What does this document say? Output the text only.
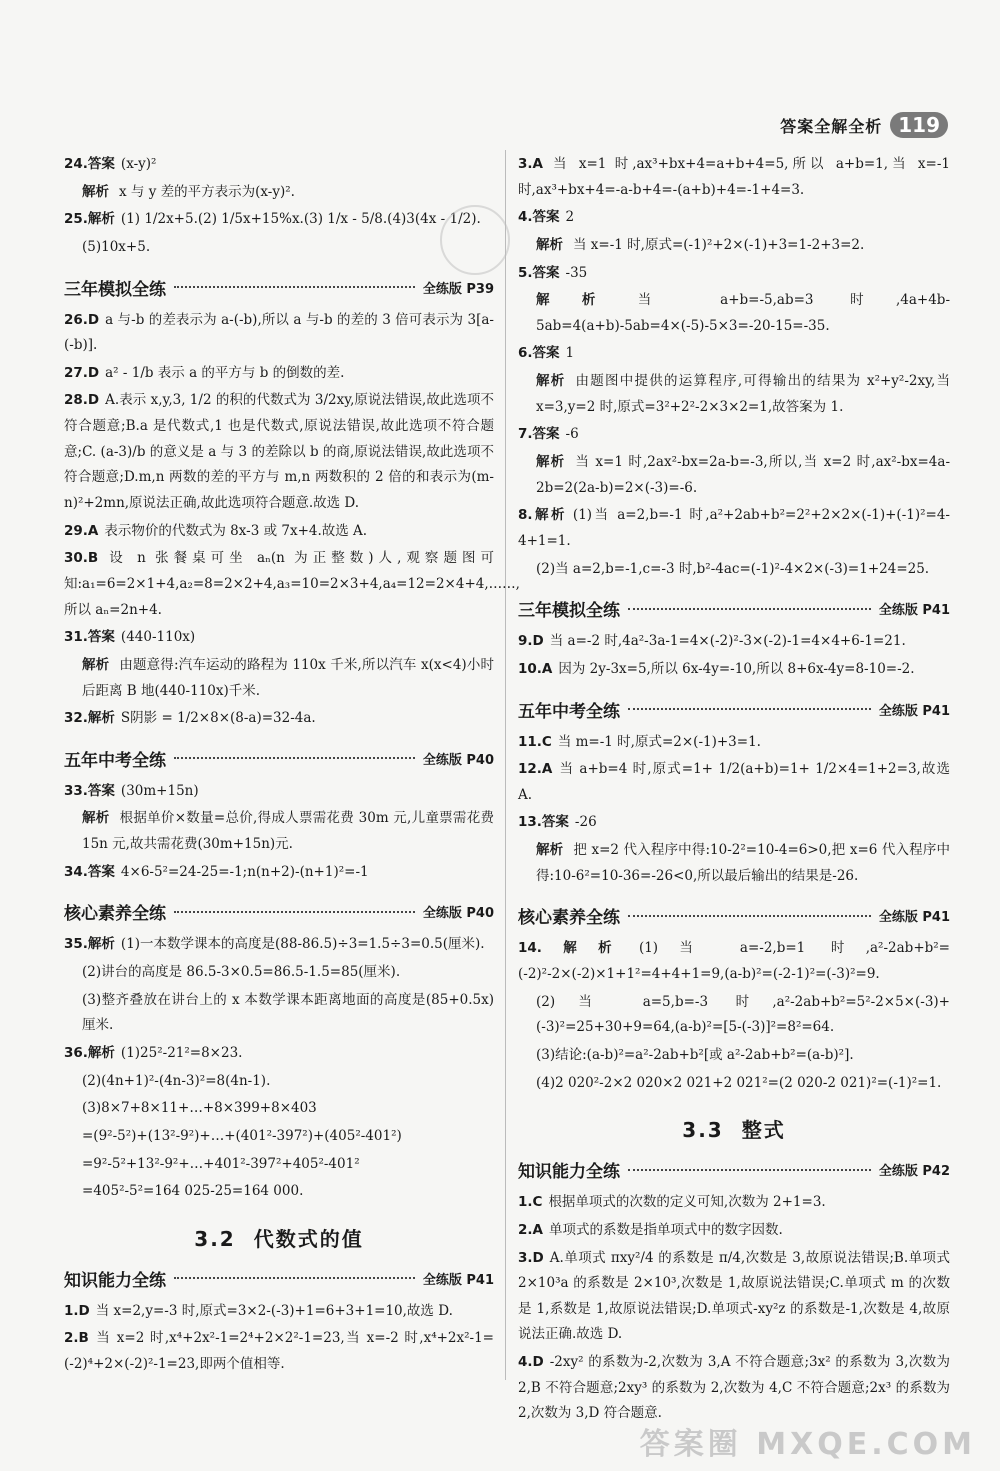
答案全解全析 119
24.答案 (x-y)²
解析 x 与 y 差的平方表示为(x-y)².
25.解析 (1) 1/2x+5.(2) 1/5x+15%x.(3) 1/x - 5/8.(4)3(4x - 1/2).
(5)10x+5.
三年模拟全练	全练版 P39
26.D a 与-b 的差表示为 a-(-b),所以 a 与-b 的差的 3 倍可表示为 3[a-(-b)].
27.D a² - 1/b 表示 a 的平方与 b 的倒数的差.
28.D A.表示 x,y,3, 1/2 的积的代数式为 3/2xy,原说法错误,故此选项不符合题意;B.a 是代数式,1 也是代数式,原说法错误,故此选项不符合题意;C. (a-3)/b 的意义是 a 与 3 的差除以 b 的商,原说法错误,故此选项不符合题意;D.m,n 两数的差的平方与 m,n 两数积的 2 倍的和表示为(m-n)²+2mn,原说法正确,故此选项符合题意.故选 D.
29.A 表示物价的代数式为 8x-3 或 7x+4.故选 A.
30.B 设 n 张餐桌可坐 aₙ(n 为正整数)人,观察题图可知:a₁=6=2×1+4,a₂=8=2×2+4,a₃=10=2×3+4,a₄=12=2×4+4,……,所以 aₙ=2n+4.
31.答案 (440-110x)
解析 由题意得:汽车运动的路程为 110x 千米,所以汽车 x(x<4)小时后距离 B 地(440-110x)千米.
32.解析 S阴影 = 1/2×8×(8-a)=32-4a.
五年中考全练	全练版 P40
33.答案 (30m+15n)
解析 根据单价×数量=总价,得成人票需花费 30m 元,儿童票需花费 15n 元,故共需花费(30m+15n)元.
34.答案 4×6-5²=24-25=-1;n(n+2)-(n+1)²=-1
核心素养全练	全练版 P40
35.解析 (1)一本数学课本的高度是(88-86.5)÷3=1.5÷3=0.5(厘米).
(2)讲台的高度是 86.5-3×0.5=86.5-1.5=85(厘米).
(3)整齐叠放在讲台上的 x 本数学课本距离地面的高度是(85+0.5x)厘米.
36.解析 (1)25²-21²=8×23.
(2)(4n+1)²-(4n-3)²=8(4n-1).
(3)8×7+8×11+…+8×399+8×403
=(9²-5²)+(13²-9²)+…+(401²-397²)+(405²-401²)
=9²-5²+13²-9²+…+401²-397²+405²-401²
=405²-5²=164 025-25=164 000.
3.2 代数式的值
知识能力全练	全练版 P41
1.D 当 x=2,y=-3 时,原式=3×2-(-3)+1=6+3+1=10,故选 D.
2.B 当 x=2 时,x⁴+2x²-1=2⁴+2×2²-1=23,当 x=-2 时,x⁴+2x²-1=(-2)⁴+2×(-2)²-1=23,即两个值相等.
3.A 当 x=1 时,ax³+bx+4=a+b+4=5,所以 a+b=1,当 x=-1 时,ax³+bx+4=-a-b+4=-(a+b)+4=-1+4=3.
4.答案 2
解析 当 x=-1 时,原式=(-1)²+2×(-1)+3=1-2+3=2.
5.答案 -35
解析 当 a+b=-5,ab=3 时,4a+4b-5ab=4(a+b)-5ab=4×(-5)-5×3=-20-15=-35.
6.答案 1
解析 由题图中提供的运算程序,可得输出的结果为 x²+y²-2xy,当 x=3,y=2 时,原式=3²+2²-2×3×2=1,故答案为 1.
7.答案 -6
解析 当 x=1 时,2ax²-bx=2a-b=-3,所以,当 x=2 时,ax²-bx=4a-2b=2(2a-b)=2×(-3)=-6.
8.解析 (1)当 a=2,b=-1 时,a²+2ab+b²=2²+2×2×(-1)+(-1)²=4-4+1=1.
(2)当 a=2,b=-1,c=-3 时,b²-4ac=(-1)²-4×2×(-3)=1+24=25.
三年模拟全练	全练版 P41
9.D 当 a=-2 时,4a²-3a-1=4×(-2)²-3×(-2)-1=4×4+6-1=21.
10.A 因为 2y-3x=5,所以 6x-4y=-10,所以 8+6x-4y=8-10=-2.
五年中考全练	全练版 P41
11.C 当 m=-1 时,原式=2×(-1)+3=1.
12.A 当 a+b=4 时,原式=1+ 1/2(a+b)=1+ 1/2×4=1+2=3,故选 A.
13.答案 -26
解析 把 x=2 代入程序中得:10-2²=10-4=6>0,把 x=6 代入程序中得:10-6²=10-36=-26<0,所以最后输出的结果是-26.
核心素养全练	全练版 P41
14.解析 (1)当 a=-2,b=1 时,a²-2ab+b²=(-2)²-2×(-2)×1+1²=4+4+1=9,(a-b)²=(-2-1)²=(-3)²=9.
(2)当 a=5,b=-3 时,a²-2ab+b²=5²-2×5×(-3)+(-3)²=25+30+9=64,(a-b)²=[5-(-3)]²=8²=64.
(3)结论:(a-b)²=a²-2ab+b²[或 a²-2ab+b²=(a-b)²].
(4)2 020²-2×2 020×2 021+2 021²=(2 020-2 021)²=(-1)²=1.
3.3 整式
知识能力全练	全练版 P42
1.C 根据单项式的次数的定义可知,次数为 2+1=3.
2.A 单项式的系数是指单项式中的数字因数.
3.D A.单项式 πxy²/4 的系数是 π/4,次数是 3,故原说法错误;B.单项式 2×10³a 的系数是 2×10³,次数是 1,故原说法错误;C.单项式 m 的次数是 1,系数是 1,故原说法错误;D.单项式-xy²z 的系数是-1,次数是 4,故原说法正确.故选 D.
4.D -2xy² 的系数为-2,次数为 3,A 不符合题意;3x² 的系数为 3,次数为 2,B 不符合题意;2xy³ 的系数为 2,次数为 4,C 不符合题意;2x³ 的系数为 2,次数为 3,D 符合题意.
答案圈 MXQE.COM
